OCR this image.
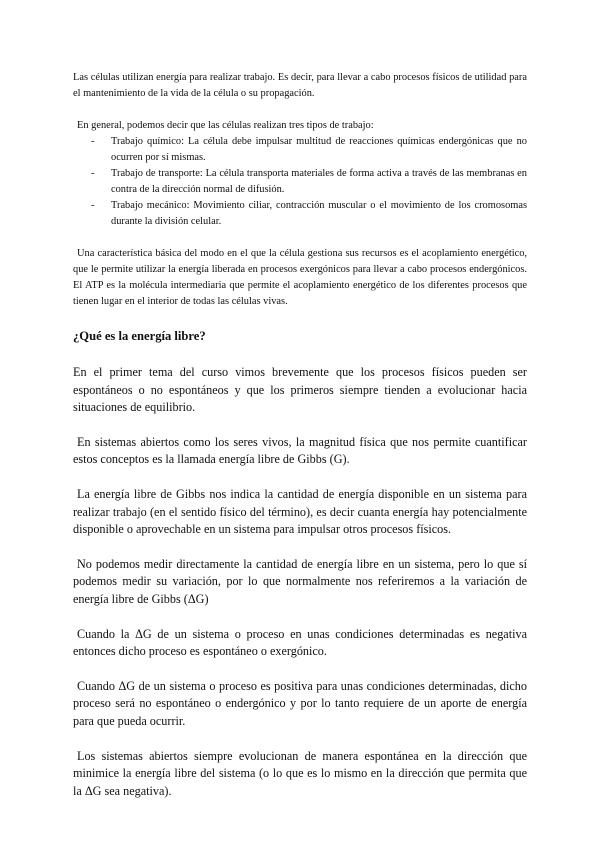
Las células utilizan energía para realizar trabajo. Es decir, para llevar a cabo procesos físicos de utilidad para el mantenimiento de la vida de la célula o su propagación.

En general, podemos decir que las células realizan tres tipos de trabajo:

- Trabajo químico: La célula debe impulsar multitud de reacciones químicas endergónicas que no ocurren por sí mismas.
- Trabajo de transporte: La célula transporta materiales de forma activa a través de las membranas en contra de la dirección normal de difusión.
- Trabajo mecánico: Movimiento ciliar, contracción muscular o el movimiento de los cromosomas durante la división celular.

Una característica básica del modo en el que la célula gestiona sus recursos es el acoplamiento energético, que le permite utilizar la energía liberada en procesos exergónicos para llevar a cabo procesos endergónicos. El ATP es la molécula intermediaria que permite el acoplamiento energético de los diferentes procesos que tienen lugar en el interior de todas las células vivas.

¿Qué es la energía libre?

En el primer tema del curso vimos brevemente que los procesos físicos pueden ser espontáneos o no espontáneos y que los primeros siempre tienden a evolucionar hacia situaciones de equilibrio.

En sistemas abiertos como los seres vivos, la magnitud física que nos permite cuantificar estos conceptos es la llamada energía libre de Gibbs (G).

La energía libre de Gibbs nos indica la cantidad de energía disponible en un sistema para realizar trabajo (en el sentido físico del término), es decir cuanta energía hay potencialmente disponible o aprovechable en un sistema para impulsar otros procesos físicos.

No podemos medir directamente la cantidad de energía libre en un sistema, pero lo que sí podemos medir su variación, por lo que normalmente nos referiremos a la variación de energía libre de Gibbs (ΔG)

Cuando la ΔG de un sistema o proceso en unas condiciones determinadas es negativa entonces dicho proceso es espontáneo o exergónico.

Cuando ΔG de un sistema o proceso es positiva para unas condiciones determinadas, dicho proceso será no espontáneo o endergónico y por lo tanto requiere de un aporte de energía para que pueda ocurrir.

Los sistemas abiertos siempre evolucionan de manera espontánea en la dirección que minimice la energía libre del sistema (o lo que es lo mismo en la dirección que permita que la ΔG sea negativa).
